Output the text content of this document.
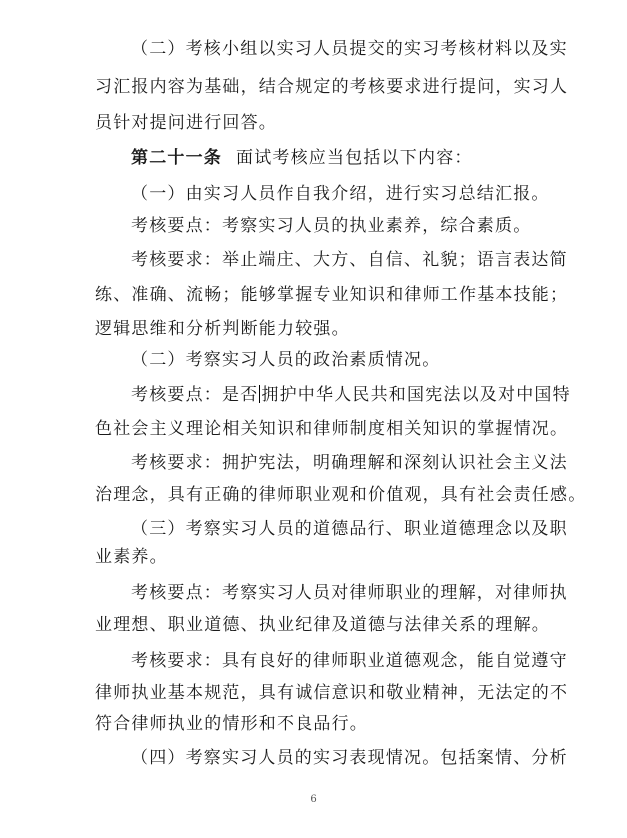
（二）考核小组以实习人员提交的实习考核材料以及实
习汇报内容为基础，结合规定的考核要求进行提问，实习人
员针对提问进行回答。
第二十一条 面试考核应当包括以下内容：
（一）由实习人员作自我介绍，进行实习总结汇报。
考核要点：考察实习人员的执业素养，综合素质。
考核要求：举止端庄、大方、自信、礼貌；语言表达简
练、准确、流畅；能够掌握专业知识和律师工作基本技能；
逻辑思维和分析判断能力较强。
（二）考察实习人员的政治素质情况。
考核要点：是否 拥护中华人民共和国宪法以及对中国特
色社会主义理论相关知识和律师制度相关知识的掌握情况。
考核要求：拥护宪法，明确理解和深刻认识社会主义法
治理念，具有正确的律师职业观和价值观，具有社会责任感。
（三）考察实习人员的道德品行、职业道德理念以及职
业素养。
考核要点：考察实习人员对律师职业的理解，对律师执
业理想、职业道德、执业纪律及道德与法律关系的理解。
考核要求：具有良好的律师职业道德观念，能自觉遵守
律师执业基本规范，具有诚信意识和敬业精神，无法定的不
符合律师执业的情形和不良品行。
（四）考察实习人员的实习表现情况。包括案情、分析
6
